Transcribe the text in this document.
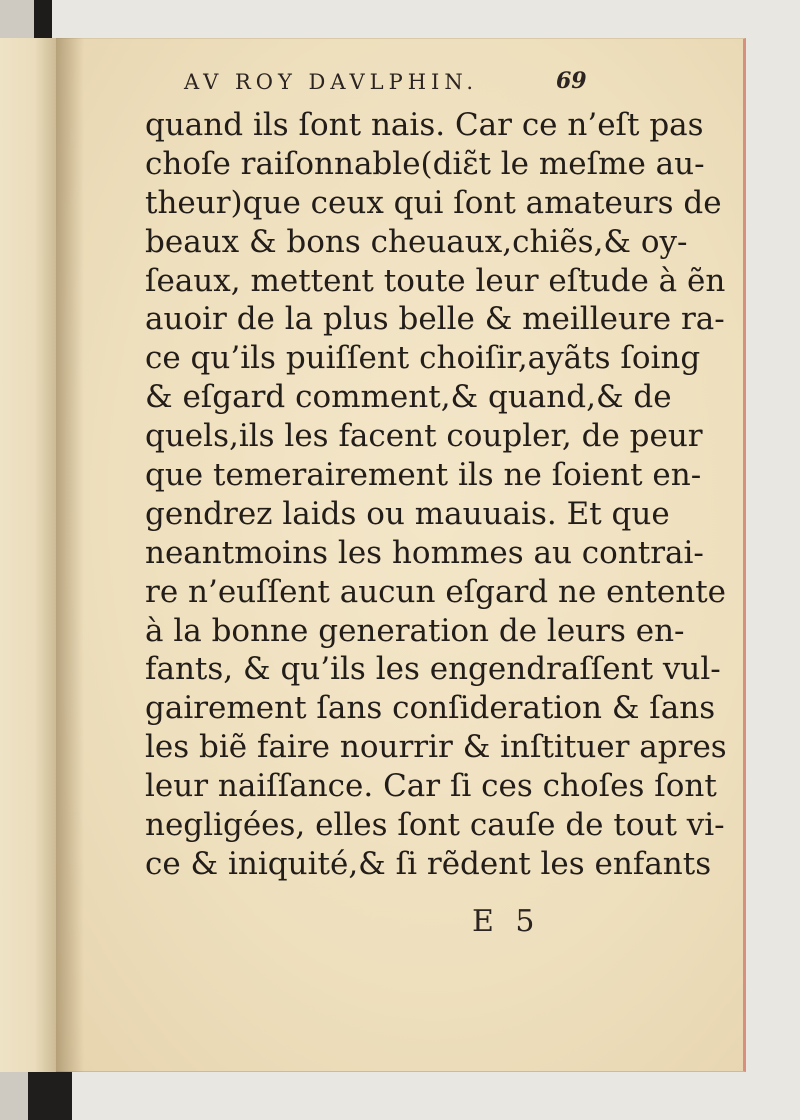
AV ROY DAVLPHIN.	69
quand ils ſont nais. Car ce n’eſt pas
choſe raiſonnable(diɛ̃t le meſme au-
theur)que ceux qui ſont amateurs de
beaux & bons cheuaux,chiẽs,& oy-
ſeaux, mettent toute leur eſtude à ẽn
auoir de la plus belle & meilleure ra-
ce qu’ils puiſſent choiſir,ayãts ſoing
& eſgard comment,& quand,& de
quels,ils les facent coupler, de peur
que temerairement ils ne ſoient en-
gendrez laids ou mauuais. Et que
neantmoins les hommes au contrai-
re n’euſſent aucun eſgard ne entente
à la bonne generation de leurs en-
fants, & qu’ils les engendraſſent vul-
gairement ſans conſideration & ſans
les biẽ faire nourrir & inſtituer apres
leur naiſſance. Car ſi ces choſes ſont
negligées, elles ſont cauſe de tout vi-
ce & iniquité,& ſi rẽdent les enfants
E 5
